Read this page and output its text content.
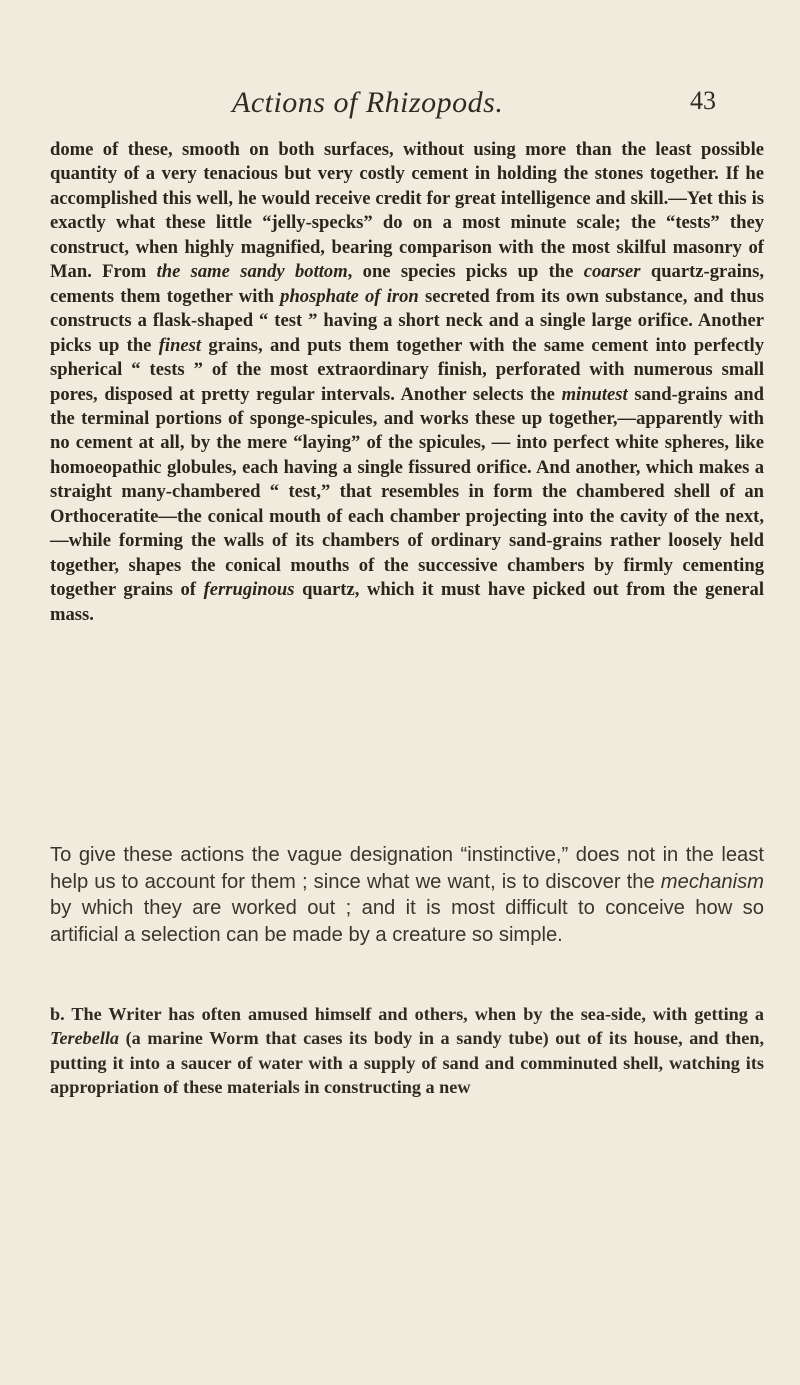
Actions of Rhizopods.	43

dome of these, smooth on both surfaces, without using more than the least possible quantity of a very tenacious but very costly cement in holding the stones together. If he accomplished this well, he would receive credit for great intelligence and skill.—Yet this is exactly what these little “jelly-specks” do on a most minute scale; the “tests” they construct, when highly magnified, bearing comparison with the most skilful masonry of Man. From the same sandy bottom, one species picks up the coarser quartz-grains, cements them together with phosphate of iron secreted from its own substance, and thus constructs a flask-shaped “ test ” having a short neck and a single large orifice. Another picks up the finest grains, and puts them together with the same cement into perfectly spherical “ tests ” of the most extraordinary finish, perforated with numerous small pores, disposed at pretty regular intervals. Another selects the minutest sand-grains and the terminal portions of sponge-spicules, and works these up together,—apparently with no cement at all, by the mere “laying” of the spicules, — into perfect white spheres, like homoeopathic globules, each having a single fissured orifice. And another, which makes a straight many-chambered “ test,” that resembles in form the chambered shell of an Orthoceratite—the conical mouth of each chamber projecting into the cavity of the next,—while forming the walls of its chambers of ordinary sand-grains rather loosely held together, shapes the conical mouths of the successive chambers by firmly cementing together grains of ferruginous quartz, which it must have picked out from the general mass.

To give these actions the vague designation “instinctive,” does not in the least help us to account for them ; since what we want, is to discover the mechanism by which they are worked out ; and it is most difficult to conceive how so artificial a selection can be made by a creature so simple.

b. The Writer has often amused himself and others, when by the sea-side, with getting a Terebella (a marine Worm that cases its body in a sandy tube) out of its house, and then, putting it into a saucer of water with a supply of sand and comminuted shell, watching its appropriation of these materials in constructing a new
